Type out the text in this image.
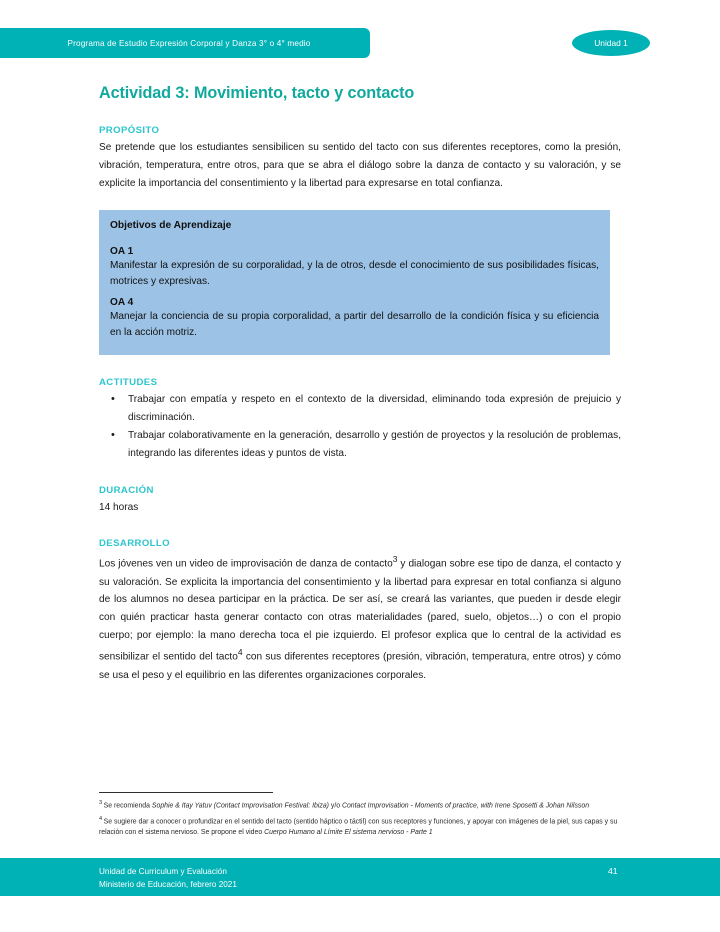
Programa de Estudio Expresión Corporal y Danza 3° o 4° medio	Unidad 1
Actividad 3: Movimiento, tacto y contacto
PROPÓSITO

Se pretende que los estudiantes sensibilicen su sentido del tacto con sus diferentes receptores, como la presión, vibración, temperatura, entre otros, para que se abra el diálogo sobre la danza de contacto y su valoración, y se explicite la importancia del consentimiento y la libertad para expresarse en total confianza.

Objetivos de Aprendizaje
OA 1

Manifestar la expresión de su corporalidad, y la de otros, desde el conocimiento de sus posibilidades físicas, motrices y expresivas.

OA 4

Manejar la conciencia de su propia corporalidad, a partir del desarrollo de la condición física y su eficiencia en la acción motriz.

ACTITUDES
• Trabajar con empatía y respeto en el contexto de la diversidad, eliminando toda expresión de prejuicio y discriminación.
• Trabajar colaborativamente en la generación, desarrollo y gestión de proyectos y la resolución de problemas, integrando las diferentes ideas y puntos de vista.
DURACIÓN

14 horas

DESARROLLO

Los jóvenes ven un video de improvisación de danza de contacto$^3$ y dialogan sobre ese tipo de danza, el contacto y su valoración. Se explicita la importancia del consentimiento y la libertad para expresar en total confianza si alguno de los alumnos no desea participar en la práctica. De ser así, se creará las variantes, que pueden ir desde elegir con quién practicar hasta generar contacto con otras materialidades (pared, suelo, objetos…) o con el propio cuerpo; por ejemplo: la mano derecha toca el pie izquierdo. El profesor explica que lo central de la actividad es sensibilizar el sentido del tacto$^4$ con sus diferentes receptores (presión, vibración, temperatura, entre otros) y cómo se usa el peso y el equilibrio en las diferentes organizaciones corporales.

$^3$ Se recomienda Sophie & Itay Yatuv (Contact Improvisation Festival: Ibiza) y/o Contact Improvisation - Moments of practice, with Irene Sposetti & Johan Nilsson
$^4$ Se sugiere dar a conocer o profundizar en el sentido del tacto (sentido háptico o táctil) con sus receptores y funciones, y apoyar con imágenes de la piel, sus capas y su relación con el sistema nervioso. Se propone el video Cuerpo Humano al Límite El sistema nervioso - Parte 1
Unidad de Curriculum y Evaluación
Ministerio de Educación, febrero 2021
41
